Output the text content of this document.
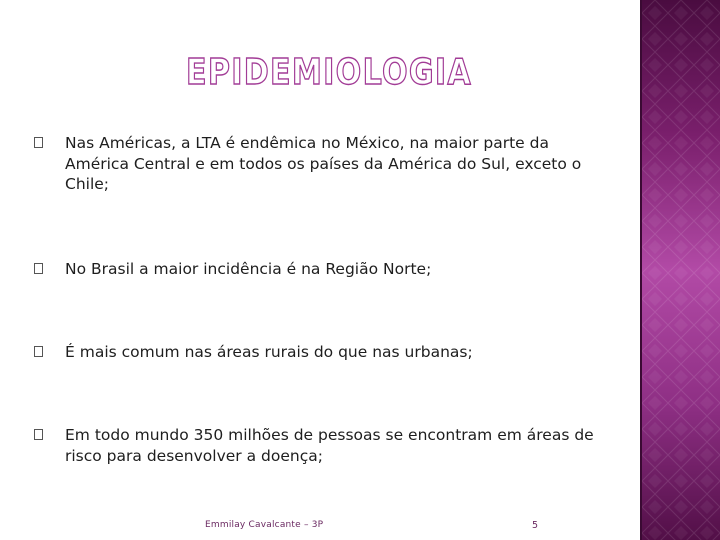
EPIDEMIOLOGIA
Nas Américas, a LTA é endêmica no México, na maior parte da
América Central e em todos os países da América do Sul, exceto o
Chile;
No Brasil a maior incidência é na Região Norte;
É mais comum nas áreas rurais do que nas urbanas;
Em todo mundo 350 milhões de pessoas se encontram em áreas de
risco para desenvolver a doença;
Emmilay Cavalcante – 3P	5
